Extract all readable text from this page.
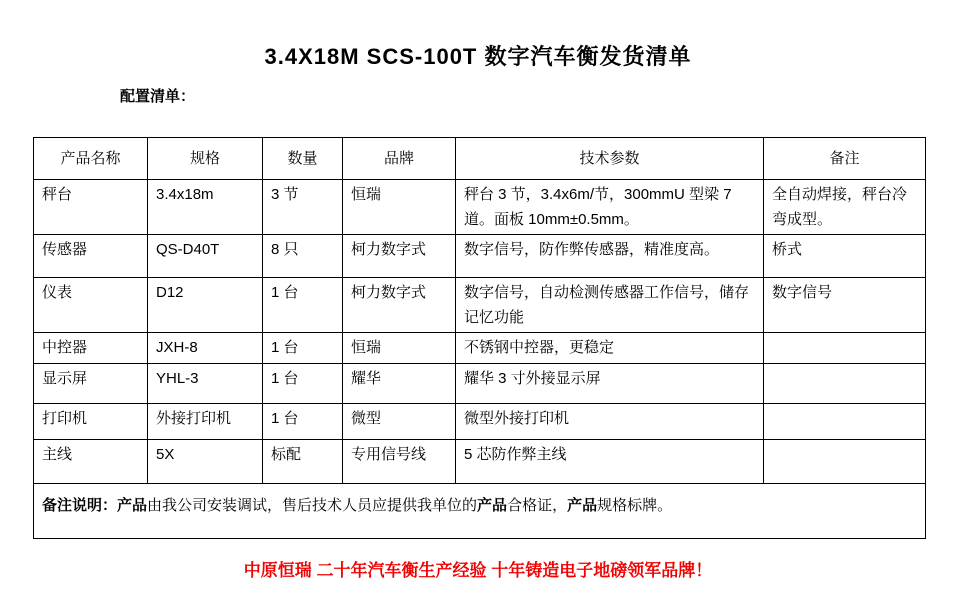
3.4X18M SCS-100T 数字汽车衡发货清单
配置清单：
产品名称	规格	数量	品牌	技术参数	备注
秤台	3.4x18m	3 节	恒瑞	秤台 3 节，3.4x6m/节，300mmU 型梁 7 道。面板 10mm±0.5mm。	全自动焊接，秤台冷弯成型。
传感器	QS-D40T	8 只	柯力数字式	数字信号，防作弊传感器，精准度高。	桥式
仪表	D12	1 台	柯力数字式	数字信号，自动检测传感器工作信号，储存记忆功能	数字信号
中控器	JXH-8	1 台	恒瑞	不锈钢中控器，更稳定	
显示屏	YHL-3	1 台	耀华	耀华 3 寸外接显示屏	
打印机	外接打印机	1 台	微型	微型外接打印机	
主线	5X	标配	专用信号线	5 芯防作弊主线	
备注说明：产品由我公司安装调试，售后技术人员应提供我单位的产品合格证，产品规格标牌。					
中原恒瑞 二十年汽车衡生产经验 十年铸造电子地磅领军品牌！
